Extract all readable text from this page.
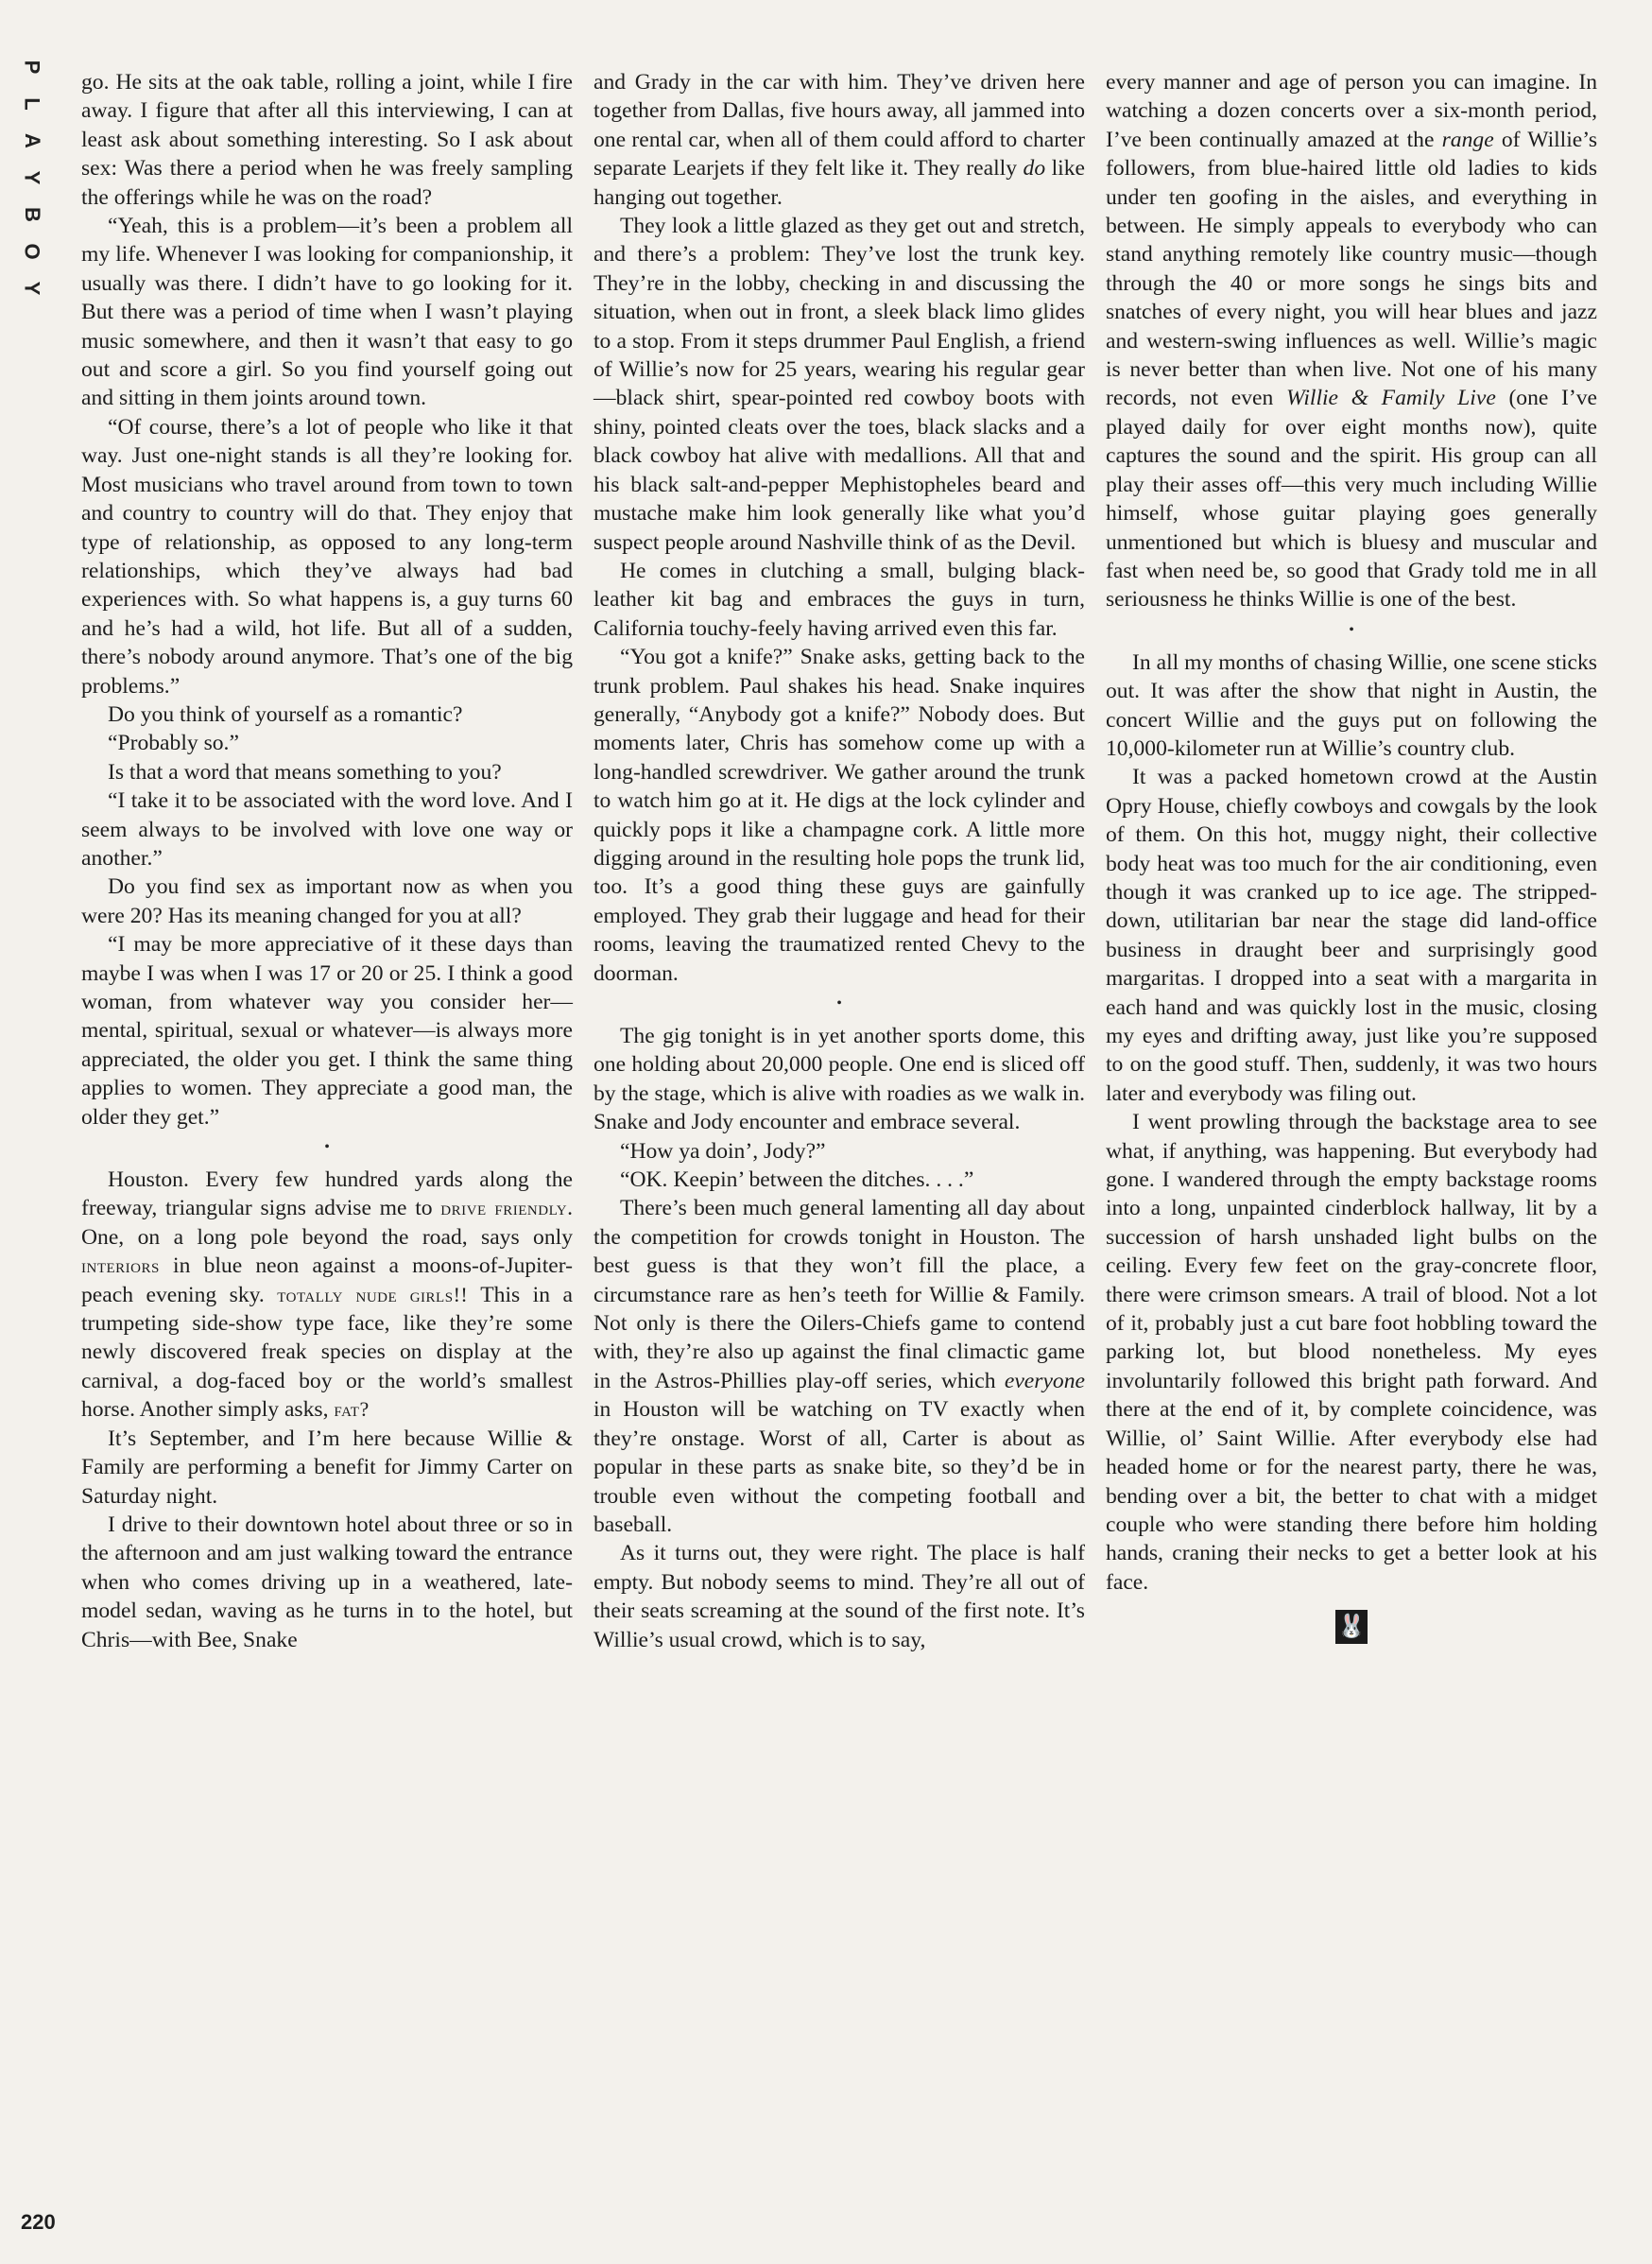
P
L
A
Y
B
O
Y
220

go. He sits at the oak table, rolling a joint, while I fire away. I figure that after all this interviewing, I can at least ask about something interesting. So I ask about sex: Was there a period when he was freely sampling the offerings while he was on the road?

“Yeah, this is a problem—it’s been a problem all my life. Whenever I was looking for companionship, it usually was there. I didn’t have to go looking for it. But there was a period of time when I wasn’t playing music somewhere, and then it wasn’t that easy to go out and score a girl. So you find yourself going out and sitting in them joints around town.

“Of course, there’s a lot of people who like it that way. Just one-night stands is all they’re looking for. Most musicians who travel around from town to town and country to country will do that. They enjoy that type of relationship, as opposed to any long-term relationships, which they’ve always had bad experiences with. So what happens is, a guy turns 60 and he’s had a wild, hot life. But all of a sudden, there’s nobody around anymore. That’s one of the big problems.”

Do you think of yourself as a romantic?

“Probably so.”

Is that a word that means something to you?

“I take it to be associated with the word love. And I seem always to be involved with love one way or another.”

Do you find sex as important now as when you were 20? Has its meaning changed for you at all?

“I may be more appreciative of it these days than maybe I was when I was 17 or 20 or 25. I think a good woman, from whatever way you consider her—mental, spiritual, sexual or whatever—is always more appreciated, the older you get. I think the same thing applies to women. They appreciate a good man, the older they get.”

•

Houston. Every few hundred yards along the freeway, triangular signs advise me to drive friendly. One, on a long pole beyond the road, says only interiors in blue neon against a moons-of-Jupiter-peach evening sky. totally nude girls!! This in a trumpeting side-show type face, like they’re some newly discovered freak species on display at the carnival, a dog-faced boy or the world’s smallest horse. Another simply asks, fat?

It’s September, and I’m here because Willie & Family are performing a benefit for Jimmy Carter on Saturday night.

I drive to their downtown hotel about three or so in the afternoon and am just walking toward the entrance when who comes driving up in a weathered, late-model sedan, waving as he turns in to the hotel, but Chris—with Bee, Snake

and Grady in the car with him. They’ve driven here together from Dallas, five hours away, all jammed into one rental car, when all of them could afford to charter separate Learjets if they felt like it. They really do like hanging out together.

They look a little glazed as they get out and stretch, and there’s a problem: They’ve lost the trunk key. They’re in the lobby, checking in and discussing the situation, when out in front, a sleek black limo glides to a stop. From it steps drummer Paul English, a friend of Willie’s now for 25 years, wearing his regular gear—black shirt, spear-pointed red cowboy boots with shiny, pointed cleats over the toes, black slacks and a black cowboy hat alive with medallions. All that and his black salt-and-pepper Mephistopheles beard and mustache make him look generally like what you’d suspect people around Nashville think of as the Devil.

He comes in clutching a small, bulging black-leather kit bag and embraces the guys in turn, California touchy-feely having arrived even this far.

“You got a knife?” Snake asks, getting back to the trunk problem. Paul shakes his head. Snake inquires generally, “Anybody got a knife?” Nobody does. But moments later, Chris has somehow come up with a long-handled screwdriver. We gather around the trunk to watch him go at it. He digs at the lock cylinder and quickly pops it like a champagne cork. A little more digging around in the resulting hole pops the trunk lid, too. It’s a good thing these guys are gainfully employed. They grab their luggage and head for their rooms, leaving the traumatized rented Chevy to the doorman.

•

The gig tonight is in yet another sports dome, this one holding about 20,000 people. One end is sliced off by the stage, which is alive with roadies as we walk in. Snake and Jody encounter and embrace several.

“How ya doin’, Jody?”

“OK. Keepin’ between the ditches. . . .”

There’s been much general lamenting all day about the competition for crowds tonight in Houston. The best guess is that they won’t fill the place, a circumstance rare as hen’s teeth for Willie & Family. Not only is there the Oilers-Chiefs game to contend with, they’re also up against the final climactic game in the Astros-Phillies play-off series, which everyone in Houston will be watching on TV exactly when they’re onstage. Worst of all, Carter is about as popular in these parts as snake bite, so they’d be in trouble even without the competing football and baseball.

As it turns out, they were right. The place is half empty. But nobody seems to mind. They’re all out of their seats screaming at the sound of the first note. It’s Willie’s usual crowd, which is to say,

every manner and age of person you can imagine. In watching a dozen concerts over a six-month period, I’ve been continually amazed at the range of Willie’s followers, from blue-haired little old ladies to kids under ten goofing in the aisles, and everything in between. He simply appeals to everybody who can stand anything remotely like country music—though through the 40 or more songs he sings bits and snatches of every night, you will hear blues and jazz and western-swing influences as well. Willie’s magic is never better than when live. Not one of his many records, not even Willie & Family Live (one I’ve played daily for over eight months now), quite captures the sound and the spirit. His group can all play their asses off—this very much including Willie himself, whose guitar playing goes generally unmentioned but which is bluesy and muscular and fast when need be, so good that Grady told me in all seriousness he thinks Willie is one of the best.

•

In all my months of chasing Willie, one scene sticks out. It was after the show that night in Austin, the concert Willie and the guys put on following the 10,000-kilometer run at Willie’s country club.

It was a packed hometown crowd at the Austin Opry House, chiefly cowboys and cowgals by the look of them. On this hot, muggy night, their collective body heat was too much for the air conditioning, even though it was cranked up to ice age. The stripped-down, utilitarian bar near the stage did land-office business in draught beer and surprisingly good margaritas. I dropped into a seat with a margarita in each hand and was quickly lost in the music, closing my eyes and drifting away, just like you’re supposed to on the good stuff. Then, suddenly, it was two hours later and everybody was filing out.

I went prowling through the backstage area to see what, if anything, was happening. But everybody had gone. I wandered through the empty backstage rooms into a long, unpainted cinderblock hallway, lit by a succession of harsh unshaded light bulbs on the ceiling. Every few feet on the gray-concrete floor, there were crimson smears. A trail of blood. Not a lot of it, probably just a cut bare foot hobbling toward the parking lot, but blood nonetheless. My eyes involuntarily followed this bright path forward. And there at the end of it, by complete coincidence, was Willie, ol’ Saint Willie. After everybody else had headed home or for the nearest party, there he was, bending over a bit, the better to chat with a midget couple who were standing there before him holding hands, craning their necks to get a better look at his face.

🐰
